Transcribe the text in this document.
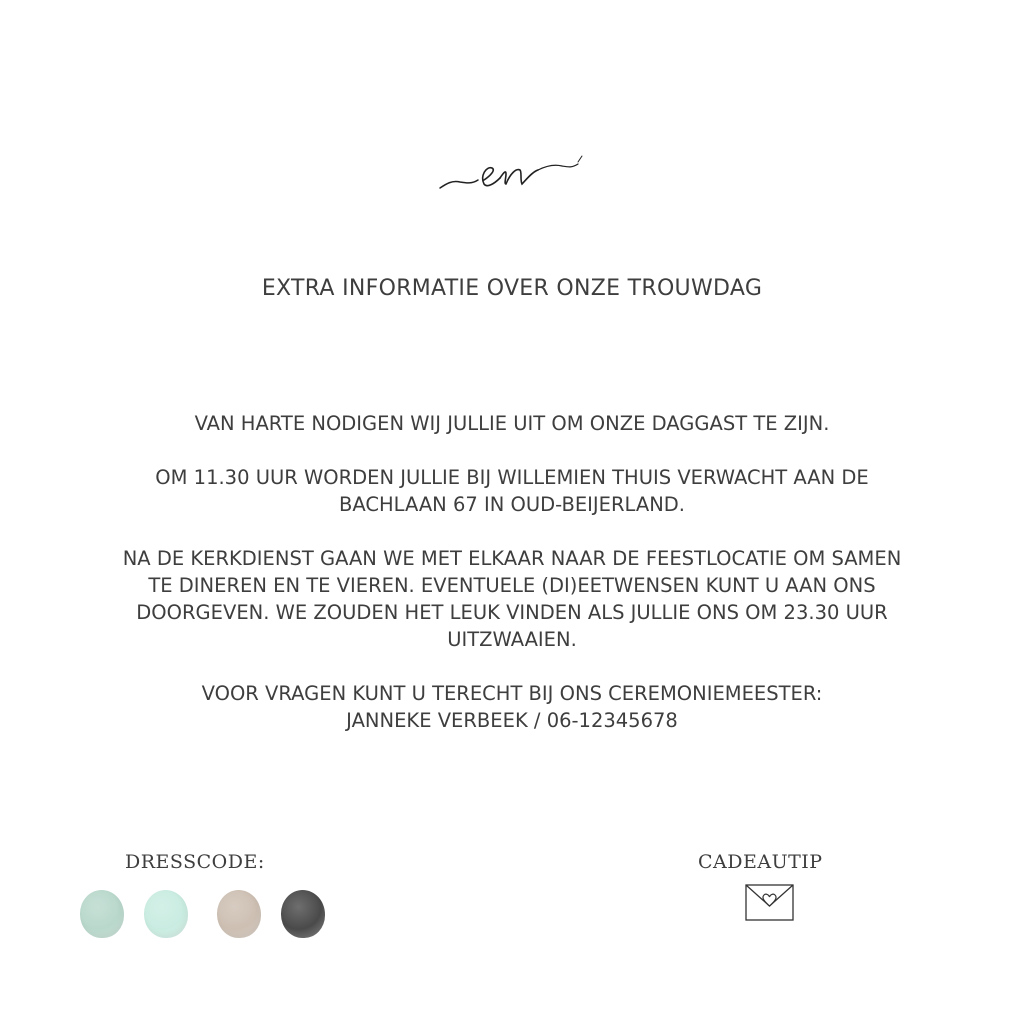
EXTRA INFORMATIE OVER ONZE TROUWDAG

VAN HARTE NODIGEN WIJ JULLIE UIT OM ONZE DAGGAST TE ZIJN.

OM 11.30 UUR WORDEN JULLIE BIJ WILLEMIEN THUIS VERWACHT AAN DE
BACHLAAN 67 IN OUD-BEIJERLAND.

NA DE KERKDIENST GAAN WE MET ELKAAR NAAR DE FEESTLOCATIE OM SAMEN
TE DINEREN EN TE VIEREN. EVENTUELE (DI)EETWENSEN KUNT U AAN ONS
DOORGEVEN. WE ZOUDEN HET LEUK VINDEN ALS JULLIE ONS OM 23.30 UUR
UITZWAAIEN.

VOOR VRAGEN KUNT U TERECHT BIJ ONS CEREMONIEMEESTER:
JANNEKE VERBEEK / 06-12345678

DRESSCODE:	CADEAUTIP
